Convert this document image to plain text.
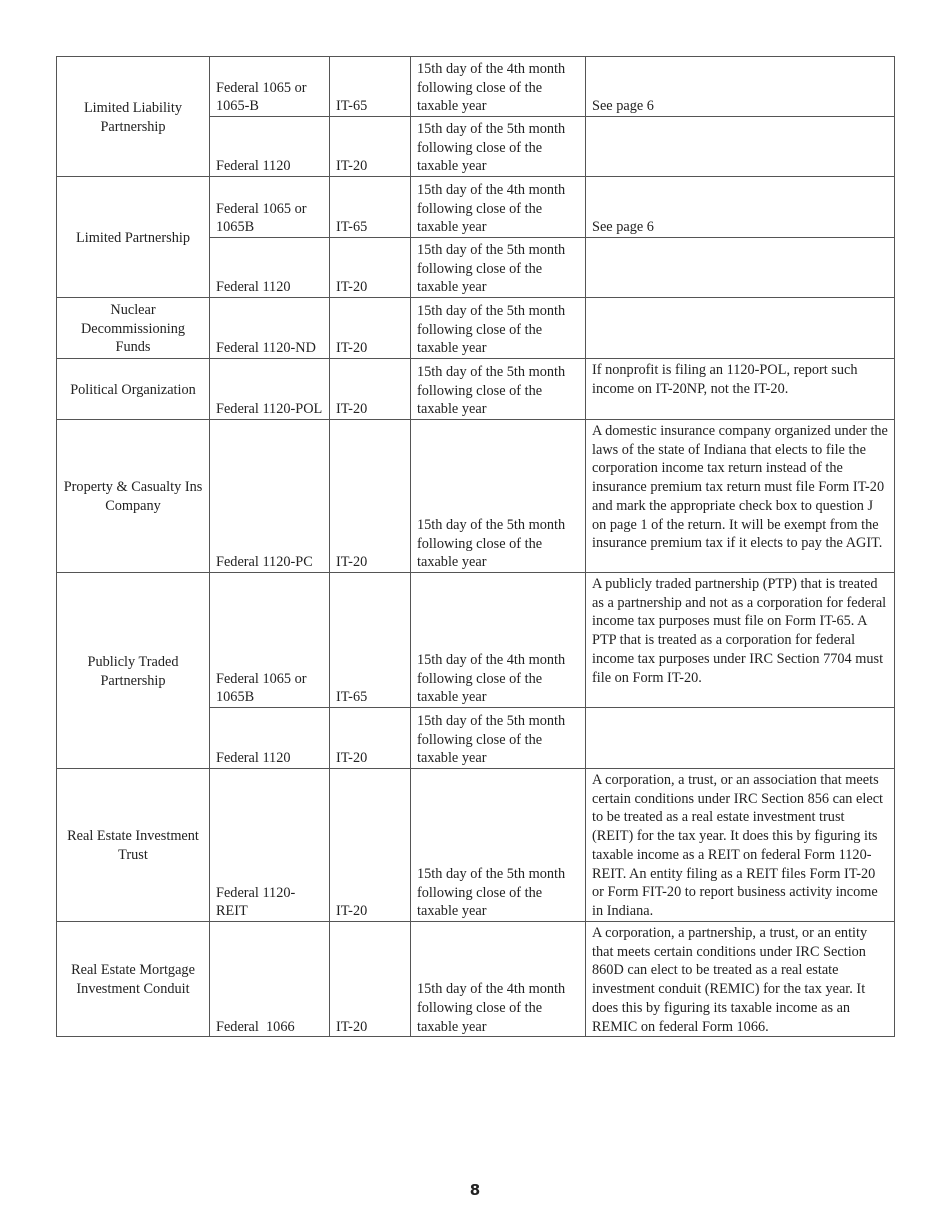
Limited Liability Partnership	Federal 1065 or 1065-B	IT-65	15th day of the 4th month following close of the taxable year	See page 6
	Federal 1120	IT-20	15th day of the 5th month following close of the taxable year	
Limited Partnership	Federal 1065 or 1065B	IT-65	15th day of the 4th month following close of the taxable year	See page 6
	Federal 1120	IT-20	15th day of the 5th month following close of the taxable year	
Nuclear Decommissioning Funds	Federal 1120-ND	IT-20	15th day of the 5th month following close of the taxable year	
Political Organization	Federal 1120-POL	IT-20	15th day of the 5th month following close of the taxable year	If nonprofit is filing an 1120-POL, report such income on IT-20NP, not the IT-20.
Property & Casualty Ins Company	Federal 1120-PC	IT-20	15th day of the 5th month following close of the taxable year	A domestic insurance company organized under the laws of the state of Indiana that elects to file the corporation income tax return instead of the insurance premium tax return must file Form IT-20 and mark the appropriate check box to question J on page 1 of the return. It will be exempt from the insurance premium tax if it elects to pay the AGIT.
Publicly Traded Partnership	Federal 1065 or 1065B	IT-65	15th day of the 4th month following close of the taxable year	A publicly traded partnership (PTP) that is treated as a partnership and not as a corporation for federal income tax purposes must file on Form IT-65. A PTP that is treated as a corporation for federal income tax purposes under IRC Section 7704 must file on Form IT-20.
	Federal 1120	IT-20	15th day of the 5th month following close of the taxable year	
Real Estate Investment Trust	Federal 1120-REIT	IT-20	15th day of the 5th month following close of the taxable year	A corporation, a trust, or an association that meets certain conditions under IRC Section 856 can elect to be treated as a real estate investment trust (REIT) for the tax year. It does this by figuring its taxable income as a REIT on federal Form 1120-REIT. An entity filing as a REIT files Form IT-20 or Form FIT-20 to report business activity income in Indiana.
Real Estate Mortgage Investment Conduit	Federal  1066	IT-20	15th day of the 4th month following close of the taxable year	A corporation, a partnership, a trust, or an entity that meets certain conditions under IRC Section 860D can elect to be treated as a real estate investment conduit (REMIC) for the tax year. It does this by figuring its taxable income as an REMIC on federal Form 1066.
8
